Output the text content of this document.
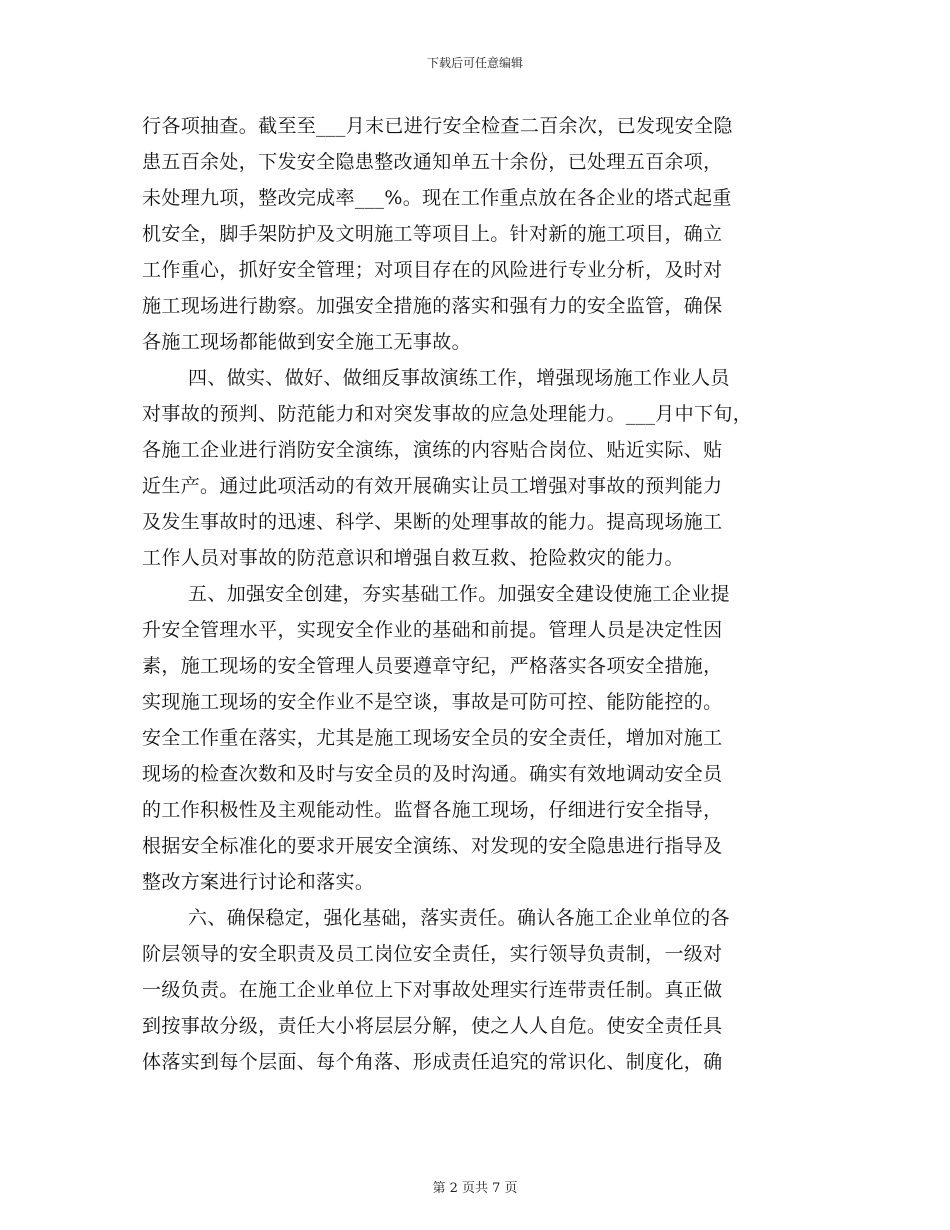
下载后可任意编辑
行各项抽查。截至至___月末已进行安全检查二百余次，已发现安全隐
患五百余处，下发安全隐患整改通知单五十余份，已处理五百余项，
未处理九项，整改完成率___%。现在工作重点放在各企业的塔式起重
机安全，脚手架防护及文明施工等项目上。针对新的施工项目，确立
工作重心，抓好安全管理；对项目存在的风险进行专业分析，及时对
施工现场进行勘察。加强安全措施的落实和强有力的安全监管，确保
各施工现场都能做到安全施工无事故。
四、做实、做好、做细反事故演练工作，增强现场施工作业人员
对事故的预判、防范能力和对突发事故的应急处理能力。___月中下旬，
各施工企业进行消防安全演练，演练的内容贴合岗位、贴近实际、贴
近生产。通过此项活动的有效开展确实让员工增强对事故的预判能力
及发生事故时的迅速、科学、果断的处理事故的能力。提高现场施工
工作人员对事故的防范意识和增强自救互救、抢险救灾的能力。
五、加强安全创建，夯实基础工作。加强安全建设使施工企业提
升安全管理水平，实现安全作业的基础和前提。管理人员是决定性因
素，施工现场的安全管理人员要遵章守纪，严格落实各项安全措施，
实现施工现场的安全作业不是空谈，事故是可防可控、能防能控的。
安全工作重在落实，尤其是施工现场安全员的安全责任，增加对施工
现场的检查次数和及时与安全员的及时沟通。确实有效地调动安全员
的工作积极性及主观能动性。监督各施工现场，仔细进行安全指导，
根据安全标准化的要求开展安全演练、对发现的安全隐患进行指导及
整改方案进行讨论和落实。
六、确保稳定，强化基础，落实责任。确认各施工企业单位的各
阶层领导的安全职责及员工岗位安全责任，实行领导负责制，一级对
一级负责。在施工企业单位上下对事故处理实行连带责任制。真正做
到按事故分级，责任大小将层层分解，使之人人自危。使安全责任具
体落实到每个层面、每个角落、形成责任追究的常识化、制度化，确
第 2 页共 7 页
